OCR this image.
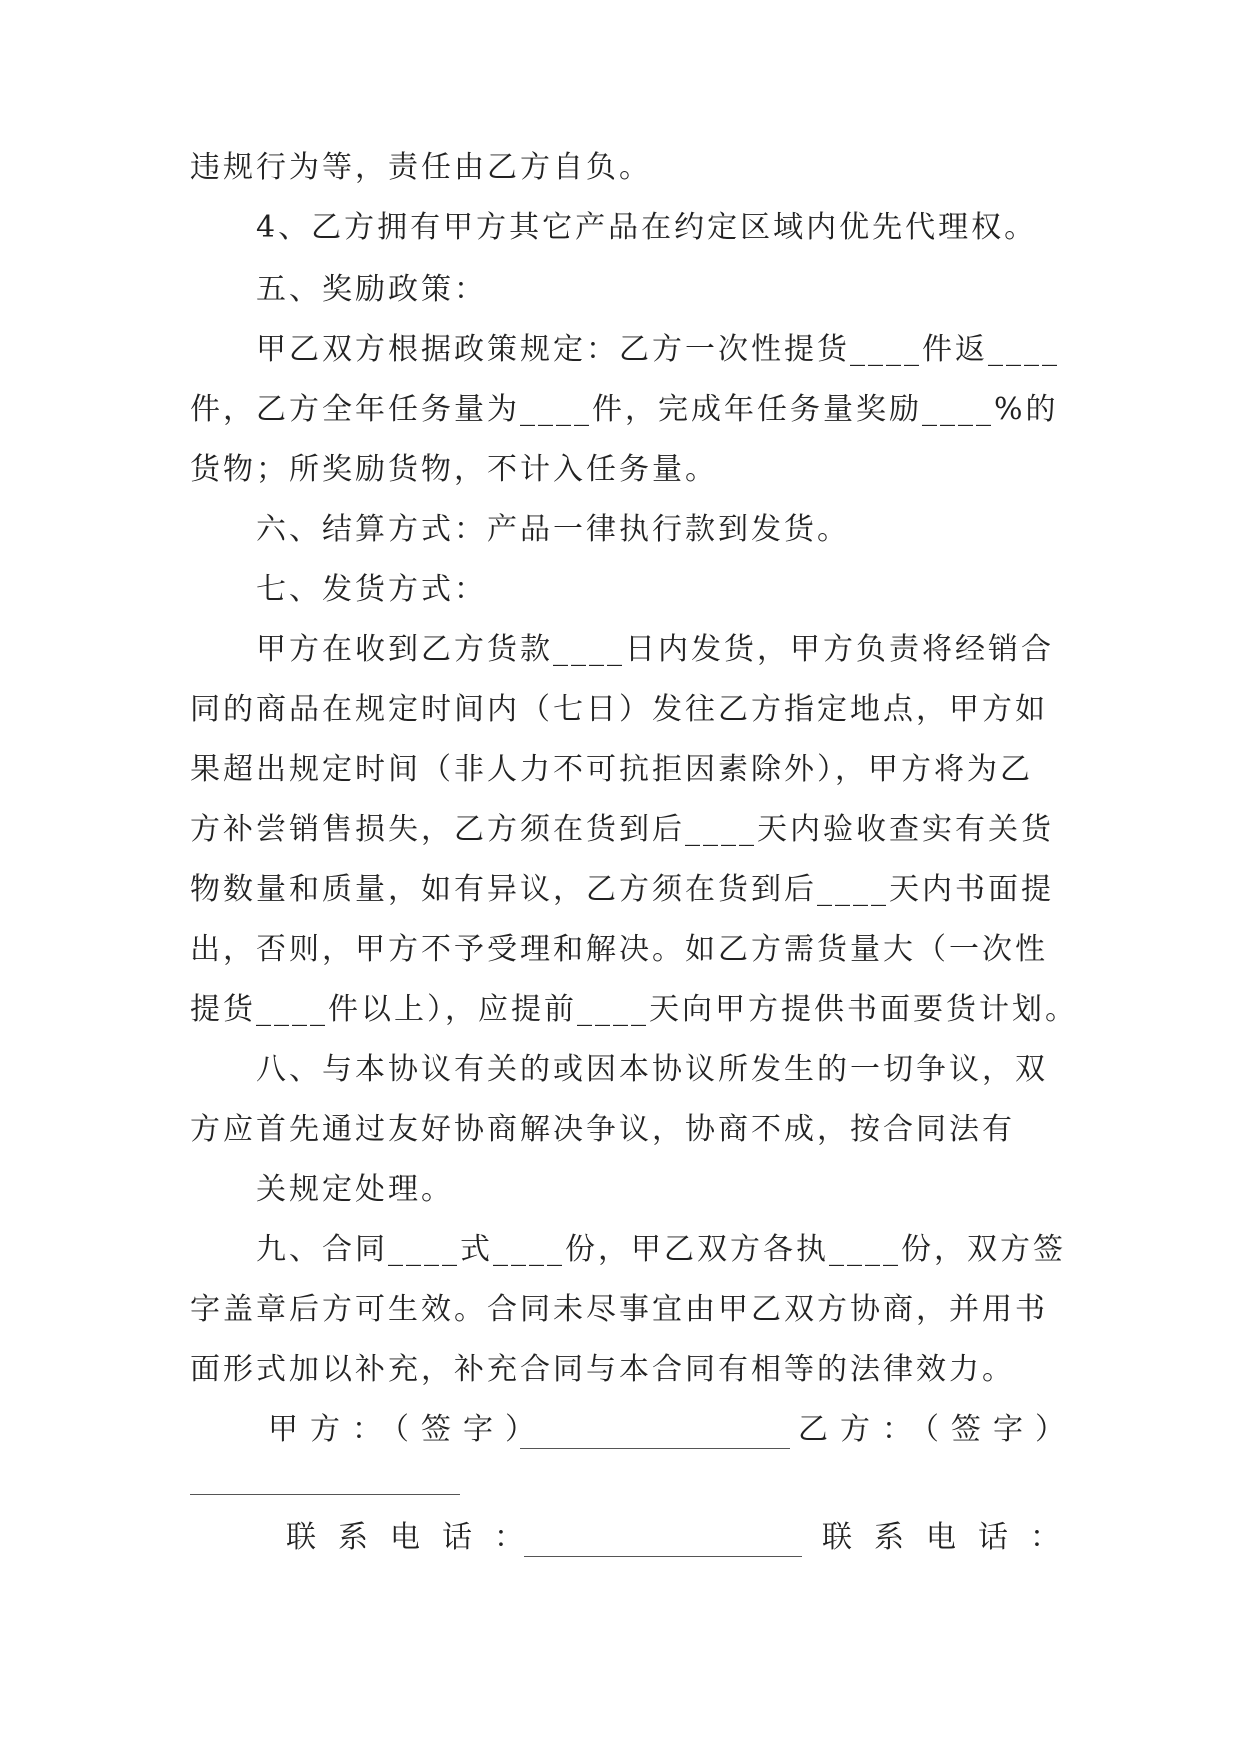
违规行为等，责任由乙方自负。
4、乙方拥有甲方其它产品在约定区域内优先代理权。
五、奖励政策：
甲乙双方根据政策规定：乙方一次性提货____件返____
件，乙方全年任务量为____件，完成年任务量奖励____%的
货物；所奖励货物，不计入任务量。
六、结算方式：产品一律执行款到发货。
七、发货方式：
甲方在收到乙方货款____日内发货，甲方负责将经销合
同的商品在规定时间内（七日）发往乙方指定地点，甲方如
果超出规定时间（非人力不可抗拒因素除外），甲方将为乙
方补尝销售损失，乙方须在货到后____天内验收查实有关货
物数量和质量，如有异议，乙方须在货到后____天内书面提
出，否则，甲方不予受理和解决。如乙方需货量大（一次性
提货____件以上），应提前____天向甲方提供书面要货计划。
八、与本协议有关的或因本协议所发生的一切争议，双
方应首先通过友好协商解决争议，协商不成，按合同法有
关规定处理。
九、合同____式____份，甲乙双方各执____份，双方签
字盖章后方可生效。合同未尽事宜由甲乙双方协商，并用书
面形式加以补充，补充合同与本合同有相等的法律效力。
甲方：（签字）	乙方：（签字）
联系电话：	联系电话：
